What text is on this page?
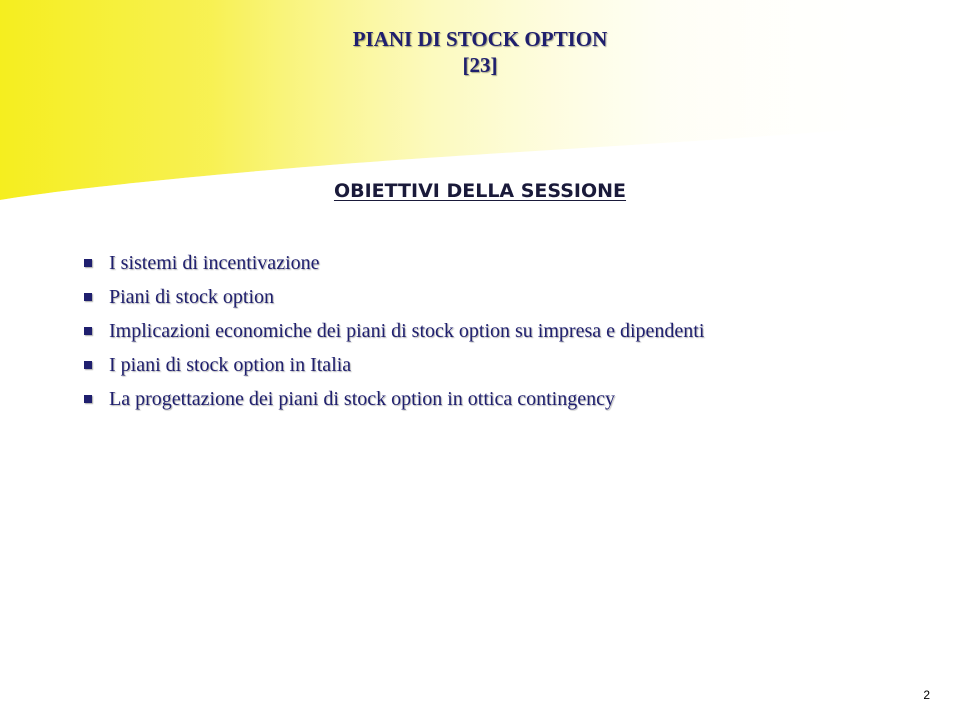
PIANI DI STOCK OPTION
[23]
OBIETTIVI DELLA SESSIONE
I sistemi di incentivazione
Piani di stock option
Implicazioni economiche dei piani di stock option su impresa e dipendenti
I piani di stock option in Italia
La progettazione dei piani di stock option in ottica contingency
2
